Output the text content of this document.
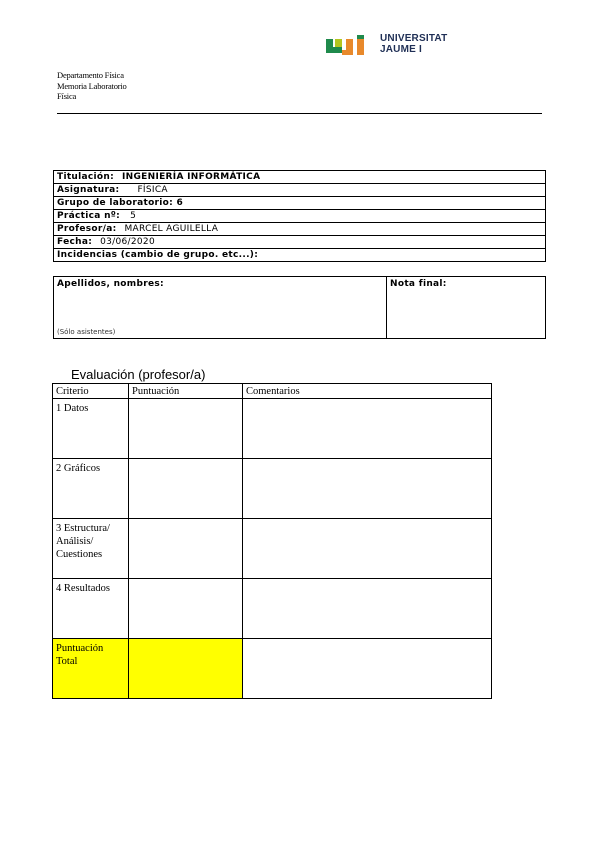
UNIVERSITAT
JAUME I
Departamento Física
Memoria Laboratorio
Física
Titulación: INGENIERÍA INFORMÁTICA
Asignatura: FÍSICA
Grupo de laboratorio: 6
Práctica nº: 5
Profesor/a: MARCEL AGUILELLA
Fecha: 03/06/2020
Incidencias (cambio de grupo. etc...):
Apellidos, nombres:
(Sólo asistentes)
Nota final:
Evaluación (profesor/a)
Criterio	Puntuación	Comentarios
1 Datos		
2 Gráficos		
3 Estructura/ Análisis/ Cuestiones		
4 Resultados		
Puntuación Total		
